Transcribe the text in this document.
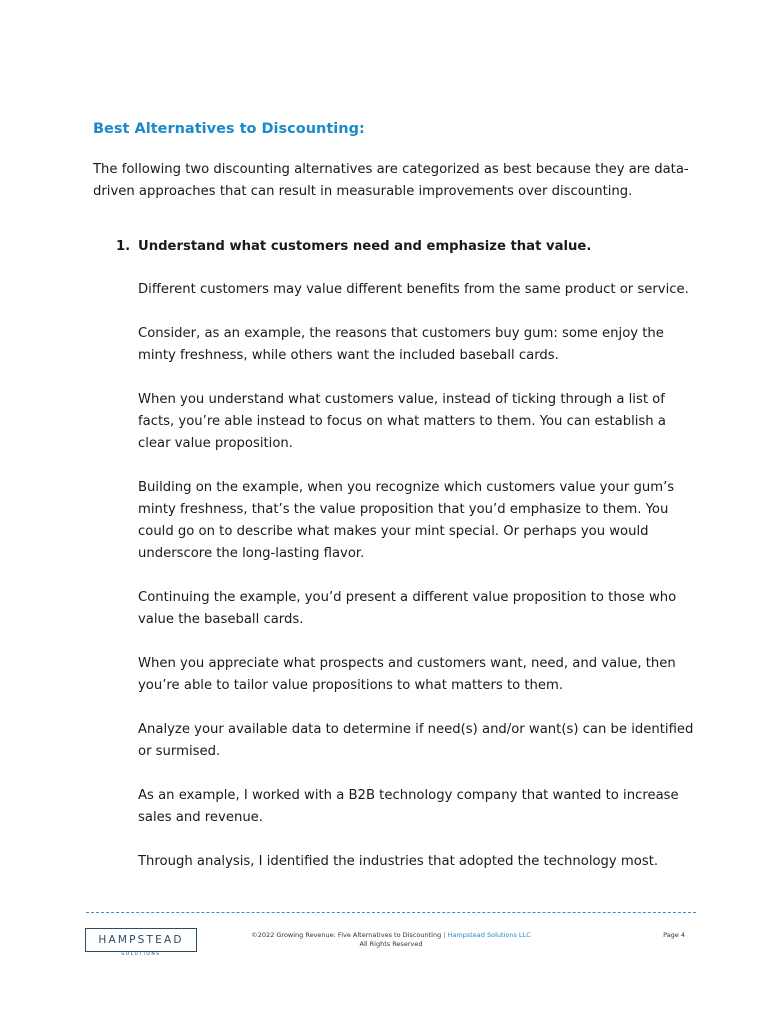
Best Alternatives to Discounting:
The following two discounting alternatives are categorized as best because they are data-driven approaches that can result in measurable improvements over discounting.
1. Understand what customers need and emphasize that value.

Different customers may value different benefits from the same product or service.

Consider, as an example, the reasons that customers buy gum: some enjoy the minty freshness, while others want the included baseball cards.

When you understand what customers value, instead of ticking through a list of facts, you’re able instead to focus on what matters to them. You can establish a clear value proposition.

Building on the example, when you recognize which customers value your gum’s minty freshness, that’s the value proposition that you’d emphasize to them. You could go on to describe what makes your mint special. Or perhaps you would underscore the long-lasting flavor.

Continuing the example, you’d present a different value proposition to those who value the baseball cards.

When you appreciate what prospects and customers want, need, and value, then you’re able to tailor value propositions to what matters to them.

Analyze your available data to determine if need(s) and/or want(s) can be identified or surmised.

As an example, I worked with a B2B technology company that wanted to increase sales and revenue.

Through analysis, I identified the industries that adopted the technology most.

HAMPSTEAD
SOLUTIONS
©2022 Growing Revenue: Five Alternatives to Discounting | Hampstead Solutions LLC
All Rights Reserved
Page 4
